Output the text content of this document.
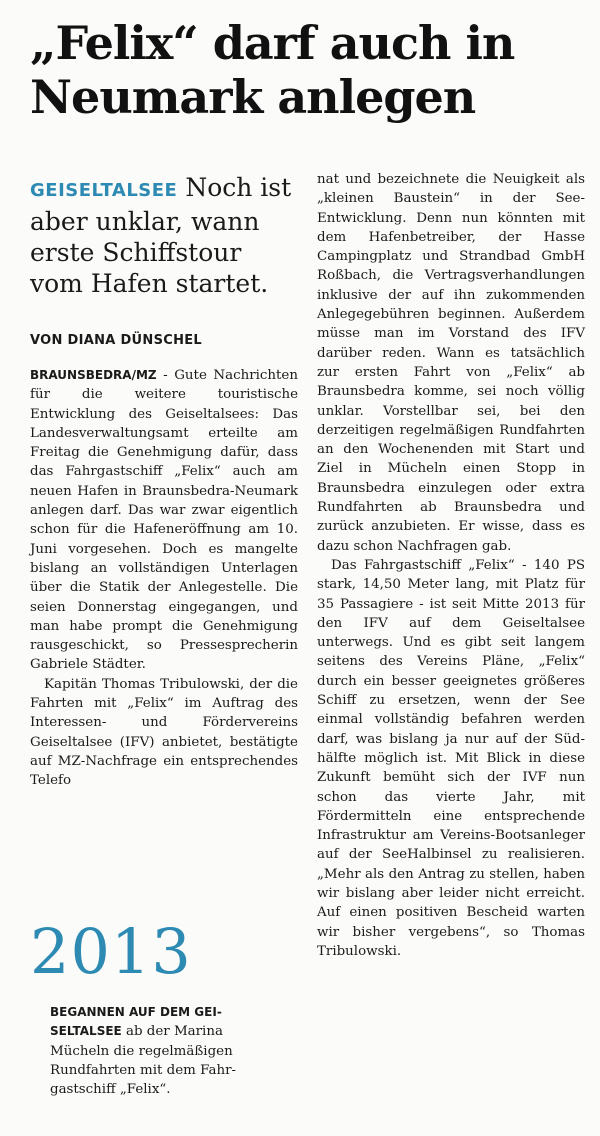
„Felix“ darf auch in
Neumark anlegen
GEISELTALSEE Noch ist aber unklar, wann erste Schiffstour vom Hafen startet.
VON DIANA DÜNSCHEL

BRAUNSBEDRA/MZ - Gute Nachrichten für die weitere touristische Entwicklung des Geiseltalsees: Das Landesverwaltungsamt erteilte am Freitag die Genehmigung dafür, dass das Fahrgastschiff „Felix“ auch am neuen Hafen in Braunsbedra-Neumark anlegen darf. Das war zwar eigentlich schon für die Hafeneröffnung am 10. Juni vorgesehen. Doch es mangelte bislang an vollständigen Unterlagen über die Statik der Anlegestelle. Die seien Donnerstag eingegangen, und man habe prompt die Genehmigung rausgeschickt, so Pressesprecherin Gabriele Städter.

Kapitän Thomas Tribulowski, der die Fahrten mit „Felix“ im Auftrag des Interessen- und Fördervereins Geiseltalsee (IFV) anbietet, bestätigte auf MZ-Nachfrage ein entsprechendes Telefo

nat und bezeichnete die Neuigkeit als „kleinen Baustein“ in der See-Entwicklung. Denn nun könnten mit dem Hafenbetreiber, der Hasse Campingplatz und Strandbad GmbH Roßbach, die Vertragsverhandlungen inklusive der auf ihn zukommenden Anlegegebühren beginnen. Außerdem müsse man im Vorstand des IFV darüber reden. Wann es tatsächlich zur ersten Fahrt von „Felix“ ab Braunsbedra komme, sei noch völlig unklar. Vorstellbar sei, bei den derzeitigen regelmäßigen Rundfahrten an den Wochenenden mit Start und Ziel in Mücheln einen Stopp in Braunsbedra einzulegen oder extra Rundfahrten ab Braunsbedra und zurück anzubieten. Er wisse, dass es dazu schon Nachfragen gab.

Das Fahrgastschiff „Felix“ - 140 PS stark, 14,50 Meter lang, mit Platz für 35 Passagiere - ist seit Mitte 2013 für den IFV auf dem Geiseltalsee unterwegs. Und es gibt seit langem seitens des Vereins Pläne, „Felix“ durch ein besser geeignetes größeres Schiff zu ersetzen, wenn der See einmal vollständig befahren werden darf, was bislang ja nur auf der Südhälfte möglich ist. Mit Blick in diese Zukunft bemüht sich der IVF nun schon das vierte Jahr, mit Fördermitteln eine entsprechende Infrastruktur am Vereins-Bootsanleger auf der SeeHalbinsel zu realisieren. „Mehr als den Antrag zu stellen, haben wir bislang aber leider nicht erreicht. Auf einen positiven Bescheid warten wir bisher vergebens“, so Thomas Tribulowski.

2013
BEGANNEN AUF DEM GEISELTALSEE ab der Marina Mücheln die regelmäßigen Rundfahrten mit dem Fahrgastschiff „Felix“.
